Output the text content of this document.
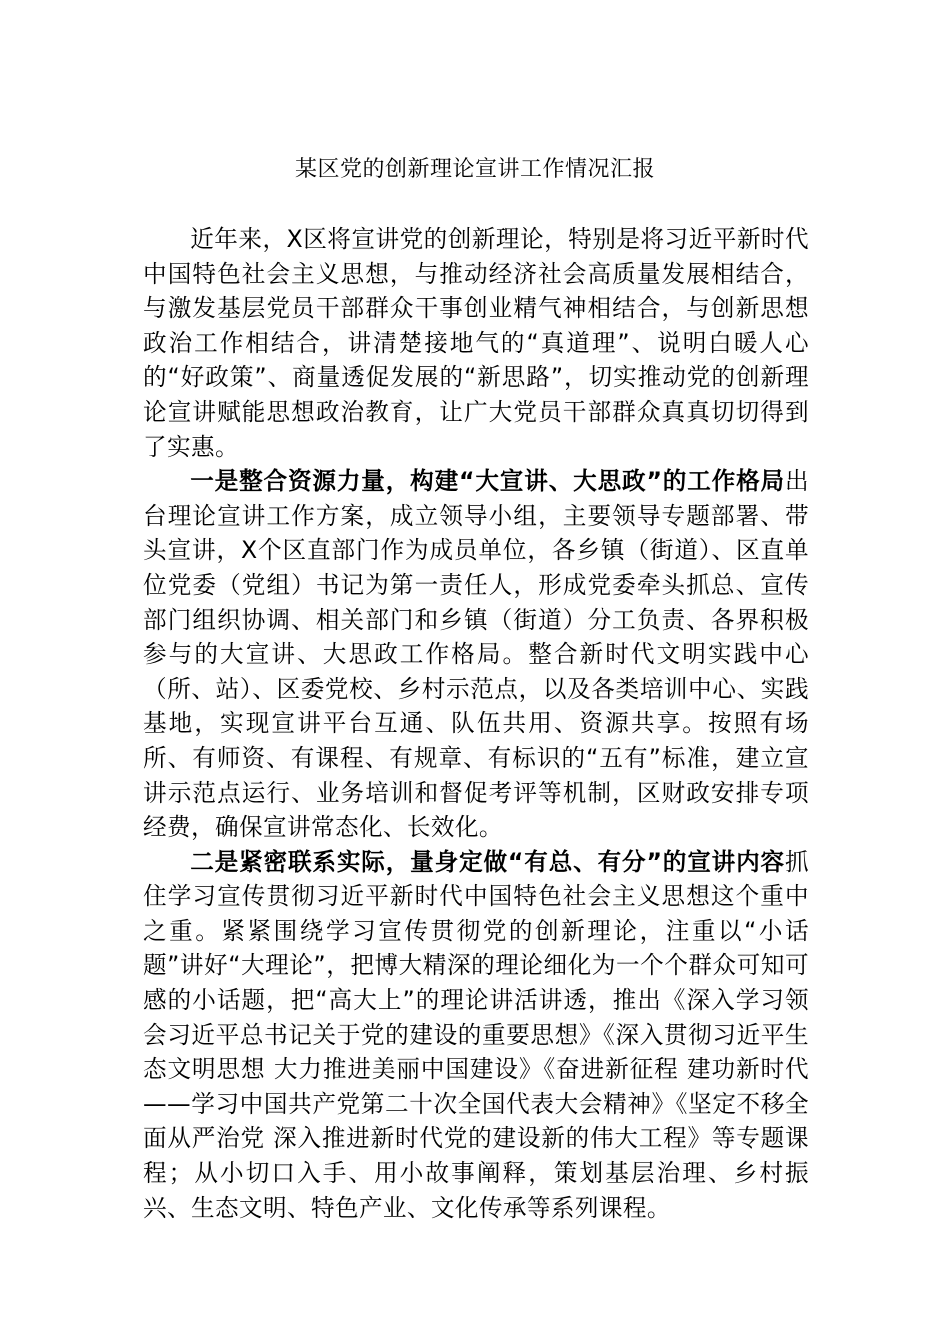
某区党的创新理论宣讲工作情况汇报

近年来，X区将宣讲党的创新理论，特别是将习近平新时代中国特色社会主义思想，与推动经济社会高质量发展相结合，与激发基层党员干部群众干事创业精气神相结合，与创新思想政治工作相结合，讲清楚接地气的“真道理”、说明白暖人心的“好政策”、商量透促发展的“新思路”，切实推动党的创新理论宣讲赋能思想政治教育，让广大党员干部群众真真切切得到了实惠。

一是整合资源力量，构建“大宣讲、大思政”的工作格局出台理论宣讲工作方案，成立领导小组，主要领导专题部署、带头宣讲，X个区直部门作为成员单位，各乡镇（街道）、区直单位党委（党组）书记为第一责任人，形成党委牵头抓总、宣传部门组织协调、相关部门和乡镇（街道）分工负责、各界积极参与的大宣讲、大思政工作格局。整合新时代文明实践中心（所、站）、区委党校、乡村示范点，以及各类培训中心、实践基地，实现宣讲平台互通、队伍共用、资源共享。按照有场所、有师资、有课程、有规章、有标识的“五有”标准，建立宣讲示范点运行、业务培训和督促考评等机制，区财政安排专项经费，确保宣讲常态化、长效化。

二是紧密联系实际，量身定做“有总、有分”的宣讲内容抓住学习宣传贯彻习近平新时代中国特色社会主义思想这个重中之重。紧紧围绕学习宣传贯彻党的创新理论，注重以“小话题”讲好“大理论”，把博大精深的理论细化为一个个群众可知可感的小话题，把“高大上”的理论讲活讲透，推出《深入学习领会习近平总书记关于党的建设的重要思想》《深入贯彻习近平生态文明思想 大力推进美丽中国建设》《奋进新征程 建功新时代——学习中国共产党第二十次全国代表大会精神》《坚定不移全面从严治党 深入推进新时代党的建设新的伟大工程》等专题课程；从小切口入手、用小故事阐释，策划基层治理、乡村振兴、生态文明、特色产业、文化传承等系列课程。
